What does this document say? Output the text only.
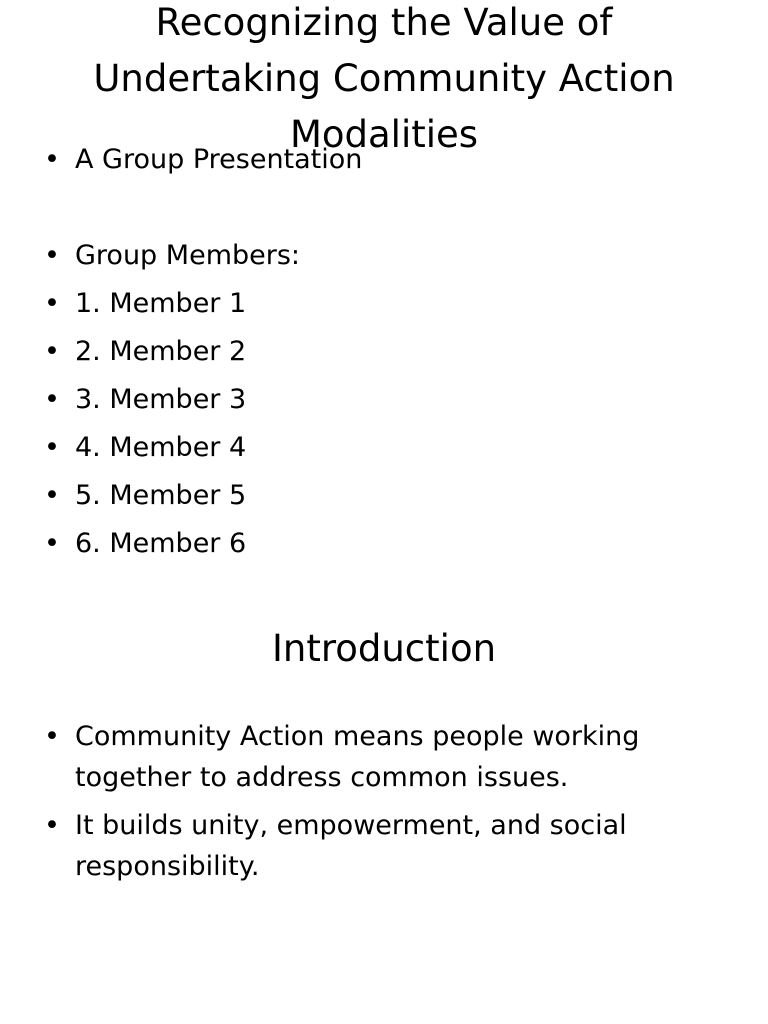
Recognizing the Value of Undertaking Community Action Modalities
• A Group Presentation
• Group Members:
• 1. Member 1
• 2. Member 2
• 3. Member 3
• 4. Member 4
• 5. Member 5
• 6. Member 6
Introduction
• Community Action means people working together to address common issues.
• It builds unity, empowerment, and social responsibility.
